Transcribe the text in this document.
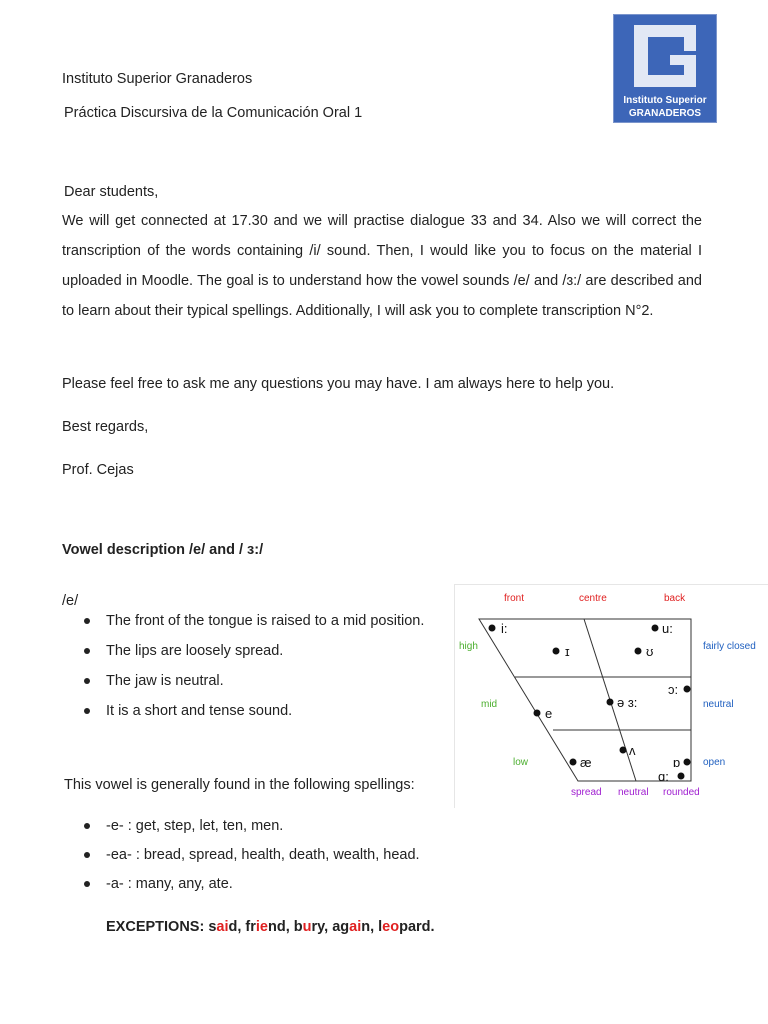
Instituto Superior Granaderos
Práctica Discursiva de la Comunicación Oral 1
Instituto Superior
GRANADEROS
Dear students,
We will get connected at 17.30 and we will practise dialogue 33 and 34. Also we will correct the transcription of the words containing /i/ sound. Then, I would like you to focus on the material I uploaded in Moodle. The goal is to understand how the vowel sounds /e/ and /ɜ:/ are described and to learn about their typical spellings. Additionally, I will ask you to complete transcription N°2.
Please feel free to ask me any questions you may have. I am always here to help you.
Best regards,
Prof. Cejas
Vowel description /e/ and / ɜ:/
/e/
The front of the tongue is raised to a mid position.
The lips are loosely spread.
The jaw is neutral.
It is a short and tense sound.
This vowel is generally found in the following spellings:
-e- : get, step, let, ten, men.
-ea- : bread, spread, health, death, wealth, head.
-a- : many, any, ate.
EXCEPTIONS: said, friend, bury, again, leopard.
front	centre	back
high
mid
low
fairly closed
neutral
open
spread neutral rounded
i:
ɪ
u:
ʊ
ɔ:
ə ɜ:
e
ʌ
æ	ɒ
ɑ:
